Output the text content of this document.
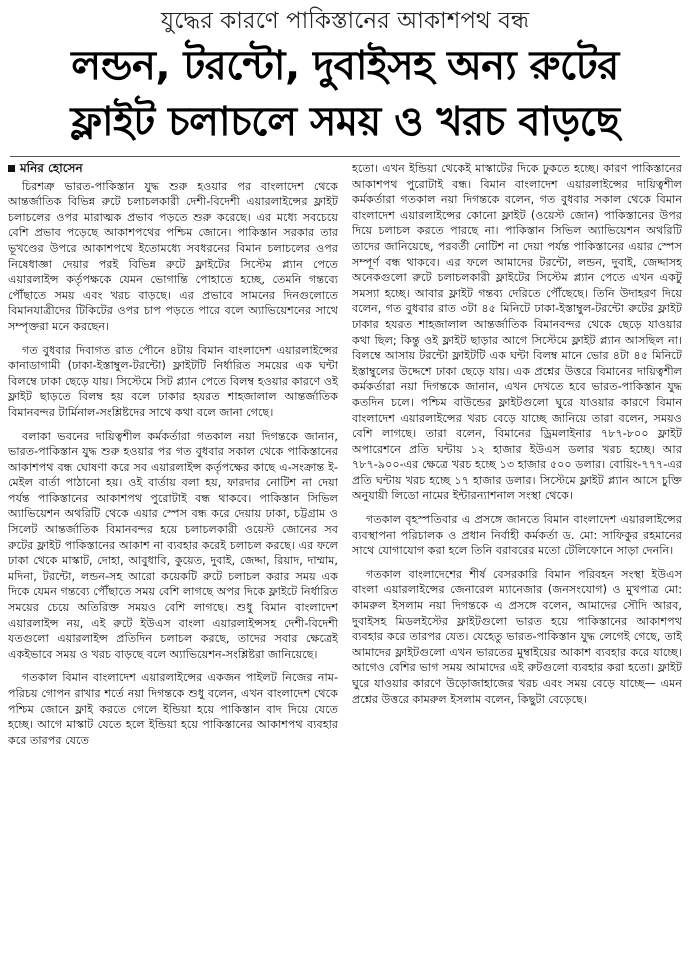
যুদ্ধের কারণে পাকিস্তানের আকাশপথ বন্ধ
লন্ডন, টরন্টো, দুবাইসহ অন্য রুটের
ফ্লাইট চলাচলে সময় ও খরচ বাড়ছে
মনির হোসেন

চিরশত্রু ভারত-পাকিস্তান যুদ্ধ শুরু হওয়ার পর বাংলাদেশ থেকে আন্তর্জাতিক বিভিন্ন রুটে চলাচলকারী দেশী-বিদেশী এয়ারলাইন্সের ফ্লাইট চলাচলের ওপর মারাত্মক প্রভাব পড়তে শুরু করেছে। এর মধ্যে সবচেয়ে বেশি প্রভাব পড়েছে আকাশপথের পশ্চিম জোনে। পাকিস্তান সরকার তার ভূখণ্ডের উপরে আকাশপথে ইতোমধ্যে সবধরনের বিমান চলাচলের ওপর নিষেধাজ্ঞা দেয়ার পরই বিভিন্ন রুটে ফ্লাইটের সিস্টেম প্ল্যান পেতে এয়ারলাইন্স কর্তৃপক্ষকে যেমন ভোগান্তি পোহাতে হচ্ছে, তেমনি গন্তব্যে পৌঁছাতে সময় এবং খরচ বাড়ছে। এর প্রভাবে সামনের দিনগুলোতে বিমানযাত্রীদের টিকিটের ওপর চাপ পড়তে পারে বলে অ্যাভিয়েশনের সাথে সম্পৃক্তরা মনে করছেন।

গত বুধবার দিবাগত রাত পৌনে ৪টায় বিমান বাংলাদেশ এয়ারলাইন্সের কানাডাগামী (ঢাকা-ইস্তাম্বুল-টরন্টো) ফ্লাইটটি নির্ধারিত সময়ের এক ঘন্টা বিলম্বে ঢাকা ছেড়ে যায়। সিস্টেমে সিট প্ল্যান পেতে বিলম্ব হওয়ার কারণে ওই ফ্লাইট ছাড়তে বিলম্ব হয় বলে ঢাকার হযরত শাহজালাল আন্তর্জাতিক বিমানবন্দর টার্মিনাল-সংশ্লিষ্টদের সাথে কথা বলে জানা গেছে।

বলাকা ভবনের দায়িত্বশীল কর্মকর্তারা গতকাল নয়া দিগন্তকে জানান, ভারত-পাকিস্তান যুদ্ধ শুরু হওয়ার পর গত বুধবার সকাল থেকে পাকিস্তানের আকাশপথ বন্ধ ঘোষণা করে সব এয়ারলাইন্স কর্তৃপক্ষের কাছে এ-সংক্রান্ত ই-মেইল বার্তা পাঠানো হয়। ওই বার্তায় বলা হয়, ফারদার নোটিশ না দেয়া পর্যন্ত পাকিস্তানের আকাশপথ পুরোটাই বন্ধ থাকবে। পাকিস্তান সিভিল অ্যাভিয়েশন অথরিটি থেকে এয়ার স্পেস বন্ধ করে দেয়ায় ঢাকা, চট্টগ্রাম ও সিলেট আন্তর্জাতিক বিমানবন্দর হয়ে চলাচলকারী ওয়েস্ট জোনের সব রুটের ফ্লাইট পাকিস্তানের আকাশ না ব্যবহার করেই চলাচল করছে। এর ফলে ঢাকা থেকে মাস্কাট, দোহা, আবুধাবি, কুয়েত, দুবাই, জেদ্দা, রিয়াদ, দাম্মাম, মদিনা, টরন্টো, লন্ডন-সহ আরো কয়েকটি রুটে চলাচল করার সময় এক দিকে যেমন গন্তব্যে পৌঁছাতে সময় বেশি লাগছে অপর দিকে ফ্লাইটে নির্ধারিত সময়ের চেয়ে অতিরিক্ত সময়ও বেশি লাগছে। শুধু বিমান বাংলাদেশ এয়ারলাইন্স নয়, এই রুটে ইউএস বাংলা এয়ারলাইন্সসহ দেশী-বিদেশী যতগুলো এয়ারলাইন্স প্রতিদিন চলাচল করছে, তাদের সবার ক্ষেত্রেই একইভাবে সময় ও খরচ বাড়ছে বলে অ্যাভিয়েশন-সংশ্লিষ্টরা জানিয়েছে।

গতকাল বিমান বাংলাদেশ এয়ারলাইন্সের একজন পাইলট নিজের নাম-পরিচয় গোপন রাখার শর্তে নয়া দিগন্তকে শুধু বলেন, এখন বাংলাদেশ থেকে পশ্চিম জোনে ফ্লাই করতে গেলে ইন্ডিয়া হয়ে পাকিস্তান বাদ দিয়ে যেতে হচ্ছে। আগে মাস্কাট যেতে হলে ইন্ডিয়া হয়ে পাকিস্তানের আকাশপথ ব্যবহার করে তারপর যেতে

হতো। এখন ইন্ডিয়া থেকেই মাস্কাটের দিকে ঢুকতে হচ্ছে। কারণ পাকিস্তানের আকাশপথ পুরোটাই বন্ধ। বিমান বাংলাদেশ এয়ারলাইন্সের দায়িত্বশীল কর্মকর্তারা গতকাল নয়া দিগন্তকে বলেন, গত বুধবার সকাল থেকে বিমান বাংলাদেশ এয়ারলাইন্সের কোনো ফ্লাইট (ওয়েস্ট জোন) পাকিস্তানের উপর দিয়ে চলাচল করতে পারছে না। পাকিস্তান সিভিল অ্যাভিয়েশন অথরিটি তাদের জানিয়েছে, পরবর্তী নোটিশ না দেয়া পর্যন্ত পাকিস্তানের এয়ার স্পেস সম্পূর্ণ বন্ধ থাকবে। এর ফলে আমাদের টরন্টো, লন্ডন, দুবাই, জেদ্দাসহ অনেকগুলো রুটে চলাচলকারী ফ্লাইটের সিস্টেম প্ল্যান পেতে এখন একটু সমস্যা হচ্ছে। আবার ফ্লাইট গন্তব্য দেরিতে পৌঁছেছে। তিনি উদাহরণ দিয়ে বলেন, গত বুধবার রাত ৩টা ৪৫ মিনিটে ঢাকা-ইস্তাম্বুল-টরন্টো রুটের ফ্লাইট ঢাকার হযরত শাহজালাল আন্তর্জাতিক বিমানবন্দর থেকে ছেড়ে যাওয়ার কথা ছিল; কিন্তু ওই ফ্লাইট ছাড়ার আগে সিস্টেমে ফ্লাইট প্ল্যান আসছিল না। বিলম্বে আসায় টরন্টো ফ্লাইটটি এক ঘন্টা বিলম্ব মানে ভোর ৪টা ৪৫ মিনিটে ইস্তাম্বুলের উদ্দেশে ঢাকা ছেড়ে যায়। এক প্রশ্নের উত্তরে বিমানের দায়িত্বশীল কর্মকর্তারা নয়া দিগন্তকে জানান, এখন দেখতে হবে ভারত-পাকিস্তান যুদ্ধ কতদিন চলে। পশ্চিম বাউন্ডের ফ্লাইটগুলো ঘুরে যাওয়ার কারণে বিমান বাংলাদেশ এয়ারলাইন্সের খরচ বেড়ে যাচ্ছে জানিয়ে তারা বলেন, সময়ও বেশি লাগছে। তারা বলেন, বিমানের ড্রিমলাইনার ৭৮৭-৮০০ ফ্লাইট অপারেশনে প্রতি ঘন্টায় ১২ হাজার ইউএস ডলার খরচ হচ্ছে। আর ৭৮৭-৯০০-এর ক্ষেত্রে খরচ হচ্ছে ১৩ হাজার ৫০০ ডলার। বোয়িং-৭৭৭-এর প্রতি ঘন্টায় খরচ হচ্ছে ১৭ হাজার ডলার। সিস্টেমে ফ্লাইট প্ল্যান আসে চুক্তি অনুযায়ী লিডো নামের ইন্টারন্যাশনাল সংস্থা থেকে।

গতকাল বৃহস্পতিবার এ প্রসঙ্গে জানতে বিমান বাংলাদেশ এয়ারলাইন্সের ব্যবস্থাপনা পরিচালক ও প্রধান নির্বাহী কর্মকর্তা ড. মো: সাফিকুর রহমানের সাথে যোগাযোগ করা হলে তিনি বরাবরের মতো টেলিফোনে সাড়া দেননি।

গতকাল বাংলাদেশের শীর্ষ বেসরকারি বিমান পরিবহন সংস্থা ইউএস বাংলা এয়ারলাইন্সের জেনারেল ম্যানেজার (জনসংযোগ) ও মুখপাত্র মো: কামরুল ইসলাম নয়া দিগন্তকে এ প্রসঙ্গে বলেন, আমাদের সৌদি আরব, দুবাইসহ মিডলইস্টের ফ্লাইটগুলো ভারত হয়ে পাকিস্তানের আকাশপথ ব্যবহার করে তারপর যেত। যেহেতু ভারত-পাকিস্তান যুদ্ধ লেগেই গেছে, তাই আমাদের ফ্লাইটগুলো এখন ভারতের মুম্বাইয়ের আকাশ ব্যবহার করে যাচ্ছে। আগেও বেশির ভাগ সময় আমাদের এই রুটগুলো ব্যবহার করা হতো। ফ্লাইট ঘুরে যাওয়ার কারণে উড়োজাহাজের খরচ এবং সময় বেড়ে যাচ্ছে— এমন প্রশ্নের উত্তরে কামরুল ইসলাম বলেন, কিছুটা বেড়েছে।
